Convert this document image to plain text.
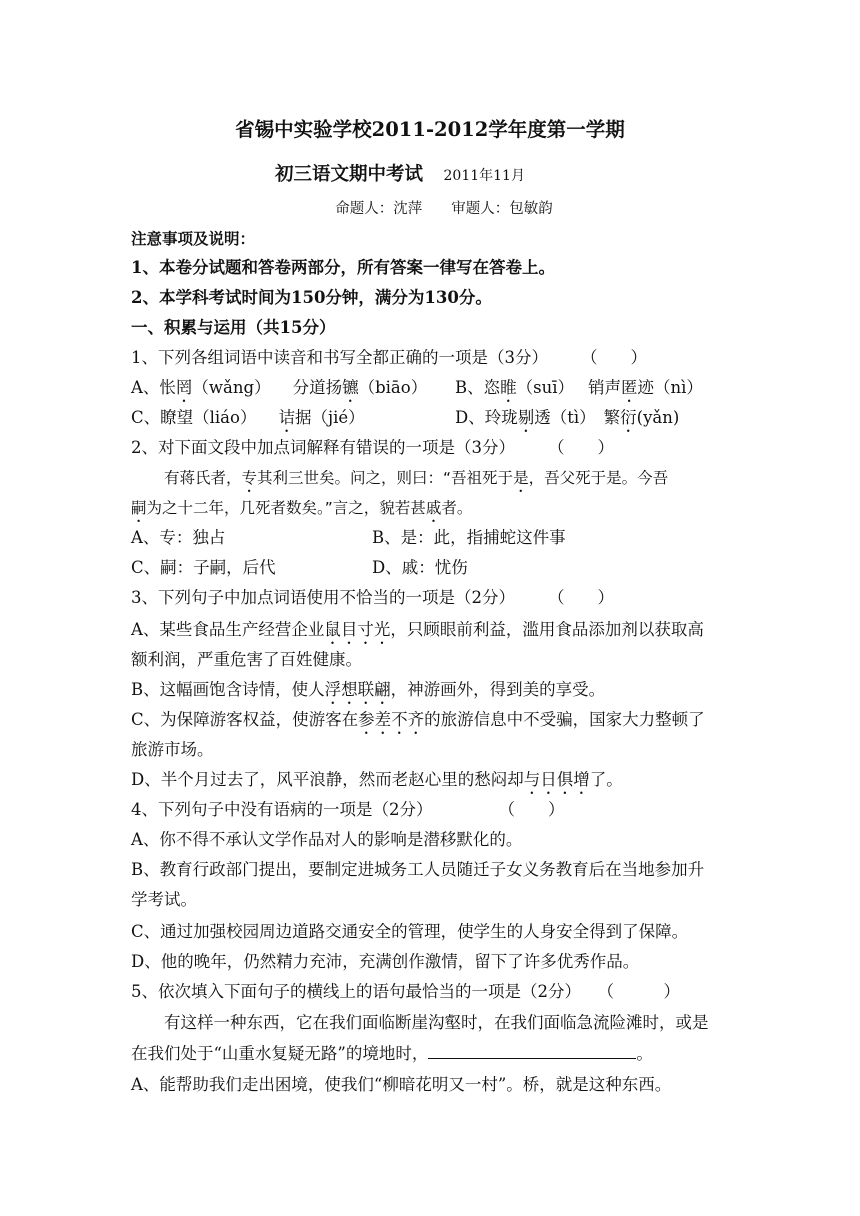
省锡中实验学校2011-2012学年度第一学期
初三语文期中考试 2011年11月
命题人：沈萍　　审题人：包敏韵
注意事项及说明：
1、本卷分试题和答卷两部分，所有答案一律写在答卷上。
2、本学科考试时间为150分钟，满分为130分。
一、积累与运用（共15分）
1、下列各组词语中读音和书写全都正确的一项是（3分）　　　（　　）
A、怅罔（wǎng） 分道扬镳（biāo） B、恣睢（suī） 销声匿迹（nì）
C、瞭望（liáo） 诘据（jié）	D、玲珑剔透（tì） 繁衍(yǎn)
2、对下面文段中加点词解释有错误的一项是（3分）　　　（　　）
有蒋氏者，专其利三世矣。问之，则曰：“吾祖死于是，吾父死于是。今吾
嗣为之十二年，几死者数矣。”言之，貌若甚戚者。
A、专：独占	B、是：此，指捕蛇这件事
C、嗣：子嗣，后代	D、戚：忧伤
3、下列句子中加点词语使用不恰当的一项是（2分）　　　（　　）
A、某些食品生产经营企业鼠目寸光，只顾眼前利益，滥用食品添加剂以获取高
额利润，严重危害了百姓健康。
B、这幅画饱含诗情，使人浮想联翩，神游画外，得到美的享受。
C、为保障游客权益，使游客在参差不齐的旅游信息中不受骗，国家大力整顿了
旅游市场。
D、半个月过去了，风平浪静，然而老赵心里的愁闷却与日俱增了。
4、下列句子中没有语病的一项是（2分）　　　　　（　　）
A、你不得不承认文学作品对人的影响是潜移默化的。
B、教育行政部门提出，要制定进城务工人员随迁子女义务教育后在当地参加升
学考试。
C、通过加强校园周边道路交通安全的管理，使学生的人身安全得到了保障。
D、他的晚年，仍然精力充沛，充满创作激情，留下了许多优秀作品。
5、依次填入下面句子的横线上的语句最恰当的一项是（2分）　　（　　　）
有这样一种东西，它在我们面临断崖沟壑时，在我们面临急流险滩时，或是
在我们处于“山重水复疑无路”的境地时，	。
A、能帮助我们走出困境，使我们“柳暗花明又一村”。桥，就是这种东西。
